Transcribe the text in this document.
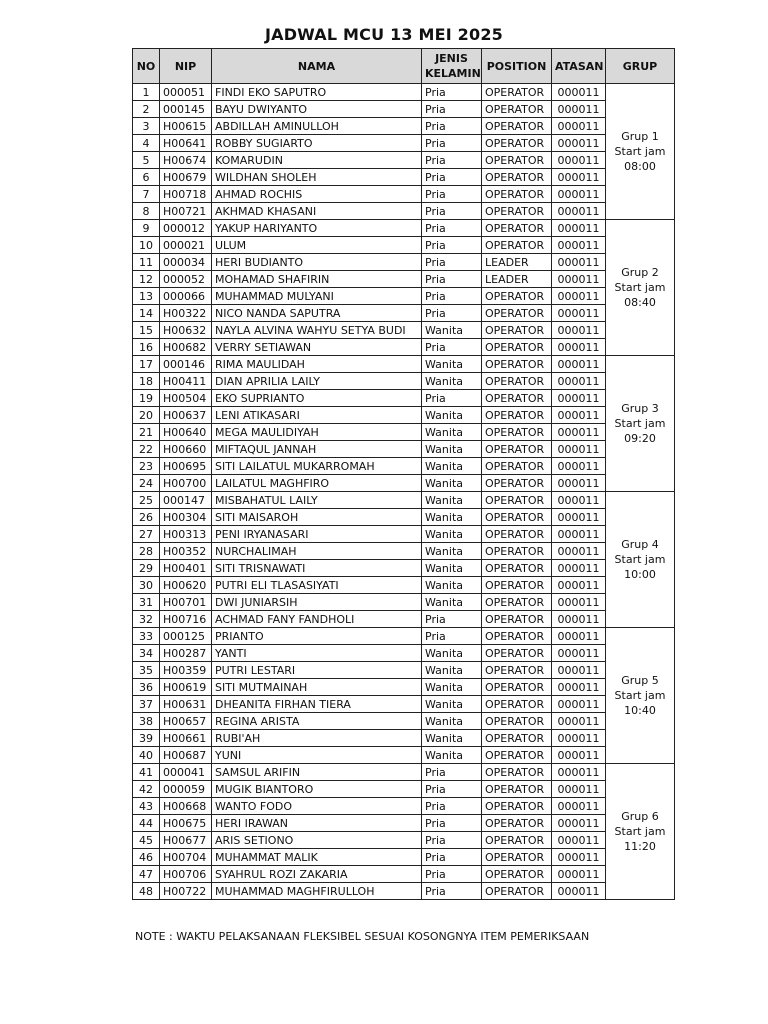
JADWAL MCU 13 MEI 2025
NO	NIP	NAMA	JENIS KELAMIN	POSITION	ATASAN	GRUP
1	000051	FINDI EKO SAPUTRO	Pria	OPERATOR	000011	Grup 1
Start jam
08:00

2	000145	BAYU DWIYANTO	Pria	OPERATOR	000011	
3	H00615	ABDILLAH AMINULLOH	Pria	OPERATOR	000011	
4	H00641	ROBBY SUGIARTO	Pria	OPERATOR	000011	
5	H00674	KOMARUDIN	Pria	OPERATOR	000011	
6	H00679	WILDHAN SHOLEH	Pria	OPERATOR	000011	
7	H00718	AHMAD ROCHIS	Pria	OPERATOR	000011	
8	H00721	AKHMAD KHASANI	Pria	OPERATOR	000011	
9	000012	YAKUP HARIYANTO	Pria	OPERATOR	000011	Grup 2
Start jam
08:40

10	000021	ULUM	Pria	OPERATOR	000011	
11	000034	HERI BUDIANTO	Pria	LEADER	000011	
12	000052	MOHAMAD SHAFIRIN	Pria	LEADER	000011	
13	000066	MUHAMMAD MULYANI	Pria	OPERATOR	000011	
14	H00322	NICO NANDA SAPUTRA	Pria	OPERATOR	000011	
15	H00632	NAYLA ALVINA WAHYU SETYA BUDI	Wanita	OPERATOR	000011	
16	H00682	VERRY SETIAWAN	Pria	OPERATOR	000011	
17	000146	RIMA MAULIDAH	Wanita	OPERATOR	000011	Grup 3
Start jam
09:20

18	H00411	DIAN APRILIA LAILY	Wanita	OPERATOR	000011	
19	H00504	EKO SUPRIANTO	Pria	OPERATOR	000011	
20	H00637	LENI ATIKASARI	Wanita	OPERATOR	000011	
21	H00640	MEGA MAULIDIYAH	Wanita	OPERATOR	000011	
22	H00660	MIFTAQUL JANNAH	Wanita	OPERATOR	000011	
23	H00695	SITI LAILATUL MUKARROMAH	Wanita	OPERATOR	000011	
24	H00700	LAILATUL MAGHFIRO	Wanita	OPERATOR	000011	
25	000147	MISBAHATUL LAILY	Wanita	OPERATOR	000011	Grup 4
Start jam
10:00

26	H00304	SITI MAISAROH	Wanita	OPERATOR	000011	
27	H00313	PENI IRYANASARI	Wanita	OPERATOR	000011	
28	H00352	NURCHALIMAH	Wanita	OPERATOR	000011	
29	H00401	SITI TRISNAWATI	Wanita	OPERATOR	000011	
30	H00620	PUTRI ELI TLASASIYATI	Wanita	OPERATOR	000011	
31	H00701	DWI JUNIARSIH	Wanita	OPERATOR	000011	
32	H00716	ACHMAD FANY FANDHOLI	Pria	OPERATOR	000011	
33	000125	PRIANTO	Pria	OPERATOR	000011	Grup 5
Start jam
10:40

34	H00287	YANTI	Wanita	OPERATOR	000011	
35	H00359	PUTRI LESTARI	Wanita	OPERATOR	000011	
36	H00619	SITI MUTMAINAH	Wanita	OPERATOR	000011	
37	H00631	DHEANITA FIRHAN TIERA	Wanita	OPERATOR	000011	
38	H00657	REGINA ARISTA	Wanita	OPERATOR	000011	
39	H00661	RUBI'AH	Wanita	OPERATOR	000011	
40	H00687	YUNI	Wanita	OPERATOR	000011	
41	000041	SAMSUL ARIFIN	Pria	OPERATOR	000011	Grup 6
Start jam
11:20

42	000059	MUGIK BIANTORO	Pria	OPERATOR	000011	
43	H00668	WANTO FODO	Pria	OPERATOR	000011	
44	H00675	HERI IRAWAN	Pria	OPERATOR	000011	
45	H00677	ARIS SETIONO	Pria	OPERATOR	000011	
46	H00704	MUHAMMAT MALIK	Pria	OPERATOR	000011	
47	H00706	SYAHRUL ROZI ZAKARIA	Pria	OPERATOR	000011	
48	H00722	MUHAMMAD MAGHFIRULLOH	Pria	OPERATOR	000011	
NOTE : WAKTU PELAKSANAAN FLEKSIBEL SESUAI KOSONGNYA ITEM PEMERIKSAAN
